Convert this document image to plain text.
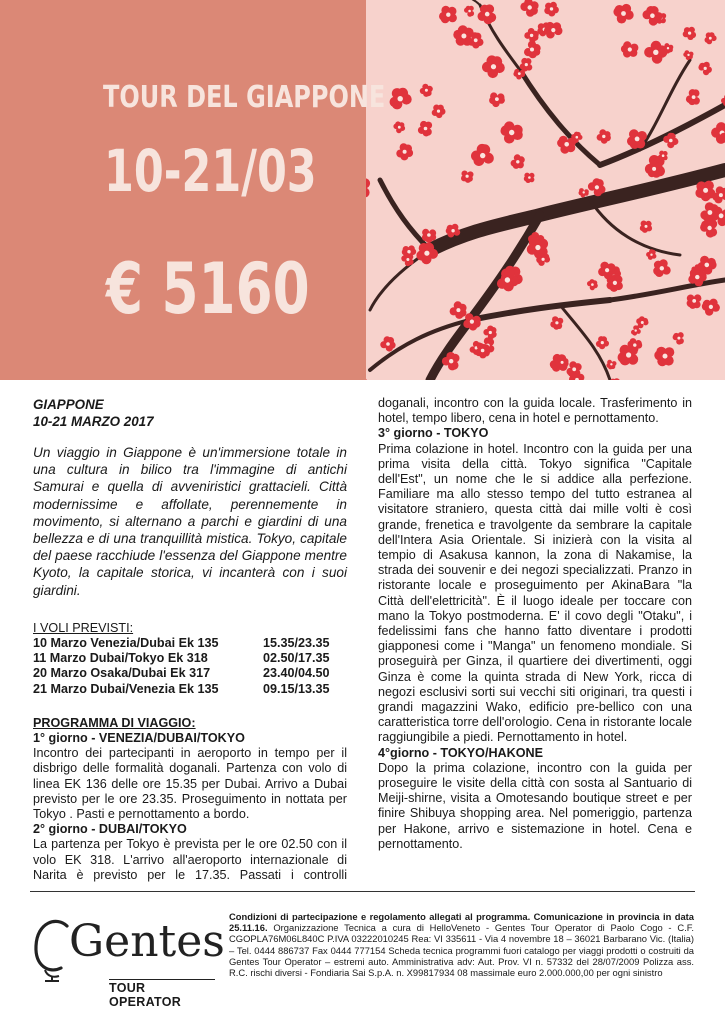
TOUR DEL GIAPPONE
10-21/03
€ 5160
GIAPPONE
10-21 MARZO 2017

Un viaggio in Giappone è un'immersione totale in una cultura in bilico tra l'immagine di antichi Samurai e quella di avveniristici grattacieli. Città modernissime e affollate, perennemente in movimento, si alternano a parchi e giardini di una bellezza e di una tranquillità mistica. Tokyo, capitale del paese racchiude l'essenza del Giappone mentre Kyoto, la capitale storica, vi incanterà con i suoi giardini.

I VOLI PREVISTI:
10 Marzo Venezia/Dubai Ek 135	15.35/23.35
11 Marzo Dubai/Tokyo Ek 318	02.50/17.35
20 Marzo Osaka/Dubai Ek 317	23.40/04.50
21 Marzo Dubai/Venezia Ek 135	09.15/13.35
PROGRAMMA DI VIAGGIO:
1° giorno - VENEZIA/DUBAI/TOKYO

Incontro dei partecipanti in aeroporto in tempo per il disbrigo delle formalità doganali. Partenza con volo di linea EK 136 delle ore 15.35 per Dubai. Arrivo a Dubai previsto per le ore 23.35. Proseguimento in nottata per Tokyo . Pasti e pernottamento a bordo.

2° giorno - DUBAI/TOKYO

La partenza per Tokyo è prevista per le ore 02.50 con il volo EK 318. L'arrivo all'aeroporto internazionale di Narita è previsto per le 17.35. Passati i controlli

doganali, incontro con la guida locale. Trasferimento in hotel, tempo libero, cena in hotel e pernottamento.

3° giorno - TOKYO

Prima colazione in hotel. Incontro con la guida per una prima visita della città. Tokyo significa "Capitale dell'Est", un nome che le si addice alla perfezione. Familiare ma allo stesso tempo del tutto estranea al visitatore straniero, questa città dai mille volti è così grande, frenetica e travolgente da sembrare la capitale dell'Intera Asia Orientale. Si inizierà con la visita al tempio di Asakusa kannon, la zona di Nakamise, la strada dei souvenir e dei negozi specializzati. Pranzo in ristorante locale e proseguimento per AkinaBara "la Città dell'elettricità". È il luogo ideale per toccare con mano la Tokyo postmoderna. E' il covo degli "Otaku", i fedelissimi fans che hanno fatto diventare i prodotti giapponesi come i "Manga" un fenomeno mondiale. Si proseguirà per Ginza, il quartiere dei divertimenti, oggi Ginza è come la quinta strada di New York, ricca di negozi esclusivi sorti sui vecchi siti originari, tra questi i grandi magazzini Wako, edificio pre-bellico con una caratteristica torre dell'orologio. Cena in ristorante locale raggiungibile a piedi. Pernottamento in hotel.

4°giorno - TOKYO/HAKONE

Dopo la prima colazione, incontro con la guida per proseguire le visite della città con sosta al Santuario di Meiji-shirne, visita a Omotesando boutique street e per finire Shibuya shopping area. Nel pomeriggio, partenza per Hakone, arrivo e sistemazione in hotel. Cena e pernottamento.

Gentes
TOUR OPERATOR
Condizioni di partecipazione e regolamento allegati al programma. Comunicazione in provincia in data 25.11.16. Organizzazione Tecnica a cura di HelloVeneto - Gentes Tour Operator di Paolo Cogo - C.F. CGOPLA76M06L840C P.IVA 03222010245 Rea: VI 335611 - Via 4 novembre 18 – 36021 Barbarano Vic. (Italia) – Tel. 0444 886737 Fax 0444 777154 Scheda tecnica programmi fuori catalogo per viaggi prodotti o costruiti da Gentes Tour Operator – estremi auto. Amministrativa adv: Aut. Prov. VI n. 57332 del 28/07/2009 Polizza ass. R.C. rischi diversi - Fondiaria Sai S.p.A. n. X99817934 08 massimale euro 2.000.000,00 per ogni sinistro
